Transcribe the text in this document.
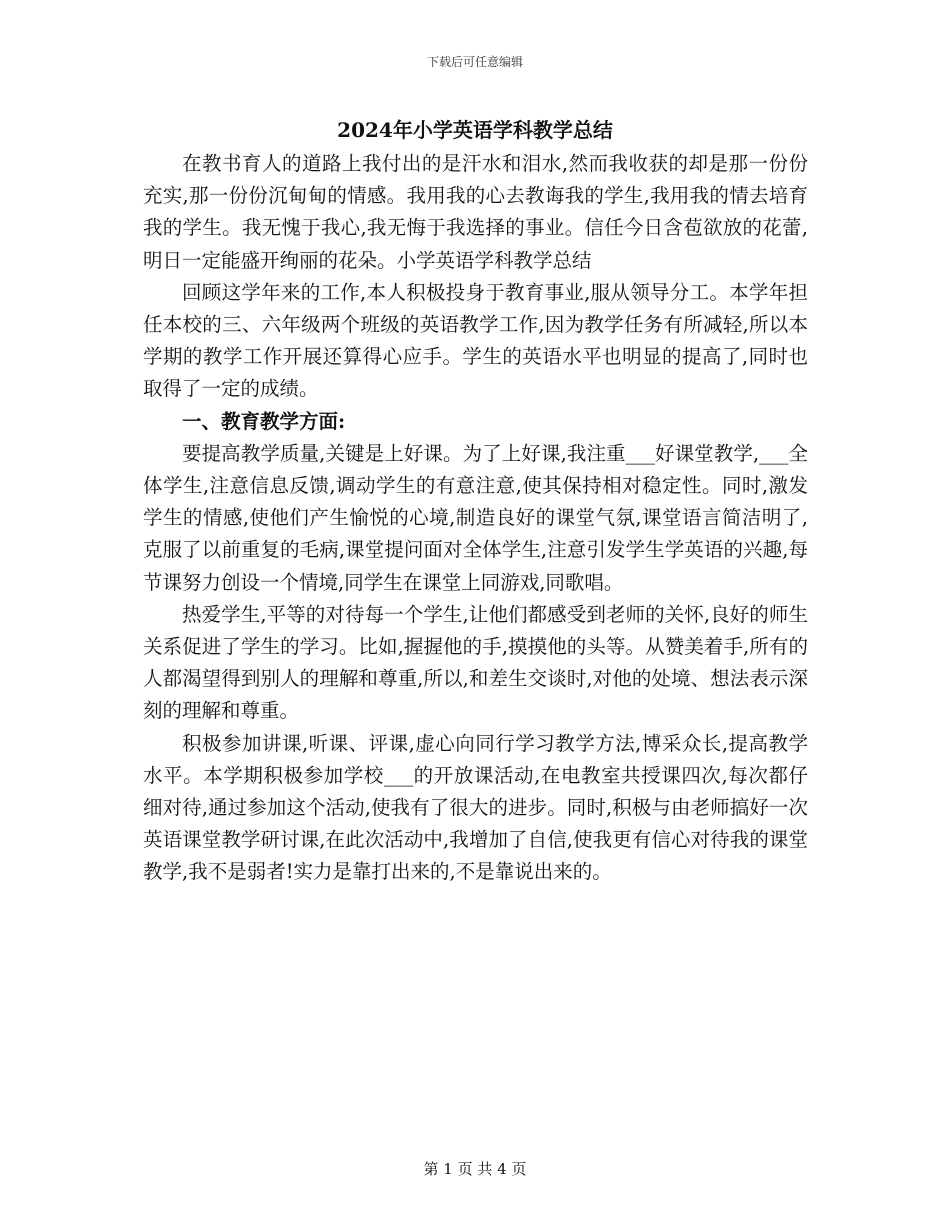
下载后可任意编辑
2024年小学英语学科教学总结

在教书育人的道路上我付出的是汗水和泪水,然而我收获的却是那一份份充实,那一份份沉甸甸的情感。我用我的心去教诲我的学生,我用我的情去培育我的学生。我无愧于我心,我无悔于我选择的事业。信任今日含苞欲放的花蕾,明日一定能盛开绚丽的花朵。小学英语学科教学总结

回顾这学年来的工作,本人积极投身于教育事业,服从领导分工。本学年担任本校的三、六年级两个班级的英语教学工作,因为教学任务有所减轻,所以本学期的教学工作开展还算得心应手。学生的英语水平也明显的提高了,同时也取得了一定的成绩。

一、教育教学方面:

要提高教学质量,关键是上好课。为了上好课,我注重___好课堂教学,___全体学生,注意信息反馈,调动学生的有意注意,使其保持相对稳定性。同时,激发学生的情感,使他们产生愉悦的心境,制造良好的课堂气氛,课堂语言简洁明了,克服了以前重复的毛病,课堂提问面对全体学生,注意引发学生学英语的兴趣,每节课努力创设一个情境,同学生在课堂上同游戏,同歌唱。

热爱学生,平等的对待每一个学生,让他们都感受到老师的关怀,良好的师生关系促进了学生的学习。比如,握握他的手,摸摸他的头等。从赞美着手,所有的人都渴望得到别人的理解和尊重,所以,和差生交谈时,对他的处境、想法表示深刻的理解和尊重。

积极参加讲课,听课、评课,虚心向同行学习教学方法,博采众长,提高教学水平。本学期积极参加学校___的开放课活动,在电教室共授课四次,每次都仔细对待,通过参加这个活动,使我有了很大的进步。同时,积极与由老师搞好一次英语课堂教学研讨课,在此次活动中,我增加了自信,使我更有信心对待我的课堂教学,我不是弱者!实力是靠打出来的,不是靠说出来的。

第 1 页 共 4 页
